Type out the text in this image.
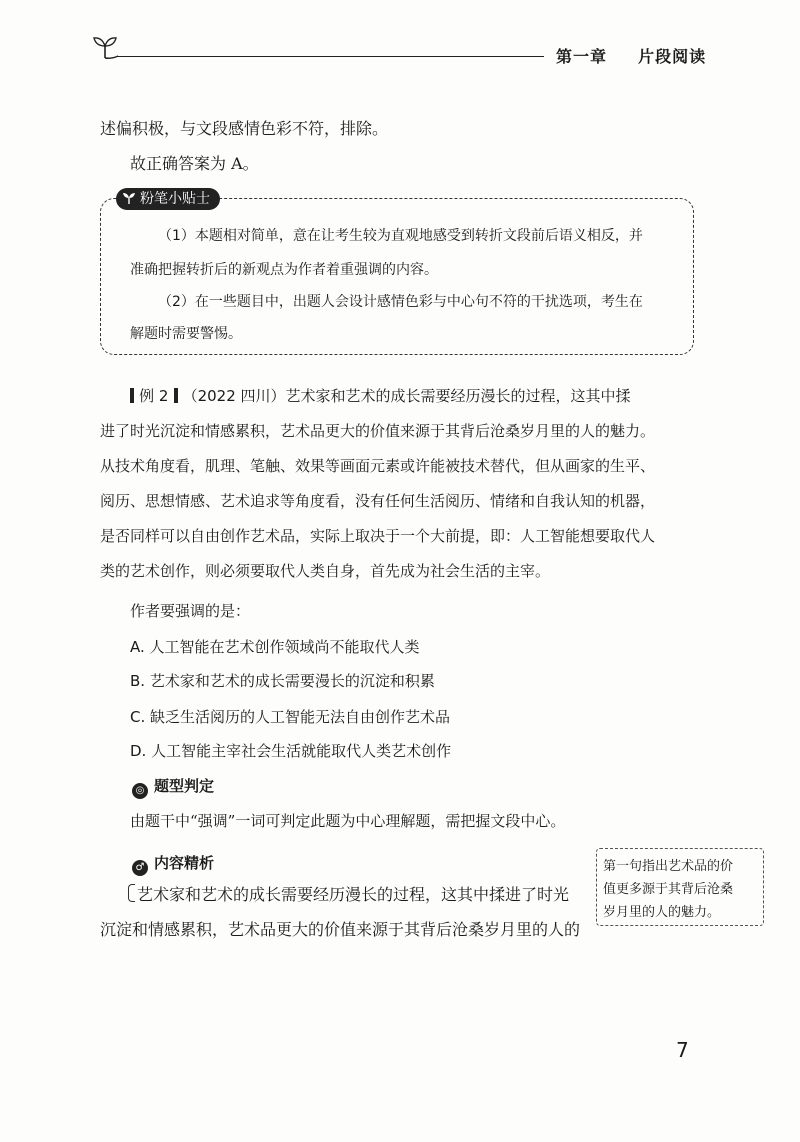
第一章 片段阅读
述偏积极，与文段感情色彩不符，排除。
故正确答案为 A。
粉笔小贴士
（1）本题相对简单，意在让考生较为直观地感受到转折文段前后语义相反，并
准确把握转折后的新观点为作者着重强调的内容。
（2）在一些题目中，出题人会设计感情色彩与中心句不符的干扰选项，考生在
解题时需要警惕。
例 2 （2022 四川）艺术家和艺术的成长需要经历漫长的过程，这其中揉
进了时光沉淀和情感累积，艺术品更大的价值来源于其背后沧桑岁月里的人的魅力。
从技术角度看，肌理、笔触、效果等画面元素或许能被技术替代，但从画家的生平、
阅历、思想情感、艺术追求等角度看，没有任何生活阅历、情绪和自我认知的机器，
是否同样可以自由创作艺术品，实际上取决于一个大前提，即：人工智能想要取代人
类的艺术创作，则必须要取代人类自身，首先成为社会生活的主宰。
作者要强调的是：
A. 人工智能在艺术创作领域尚不能取代人类
B. 艺术家和艺术的成长需要漫长的沉淀和积累
C. 缺乏生活阅历的人工智能无法自由创作艺术品
D. 人工智能主宰社会生活就能取代人类艺术创作
◎ 题型判定
由题干中“强调”一词可判定此题为中心理解题，需把握文段中心。
♂ 内容精析
艺术家和艺术的成长需要经历漫长的过程，这其中揉进了时光
沉淀和情感累积，艺术品更大的价值来源于其背后沧桑岁月里的人的
第一句指出艺术品的价
值更多源于其背后沧桑
岁月里的人的魅力。
7
